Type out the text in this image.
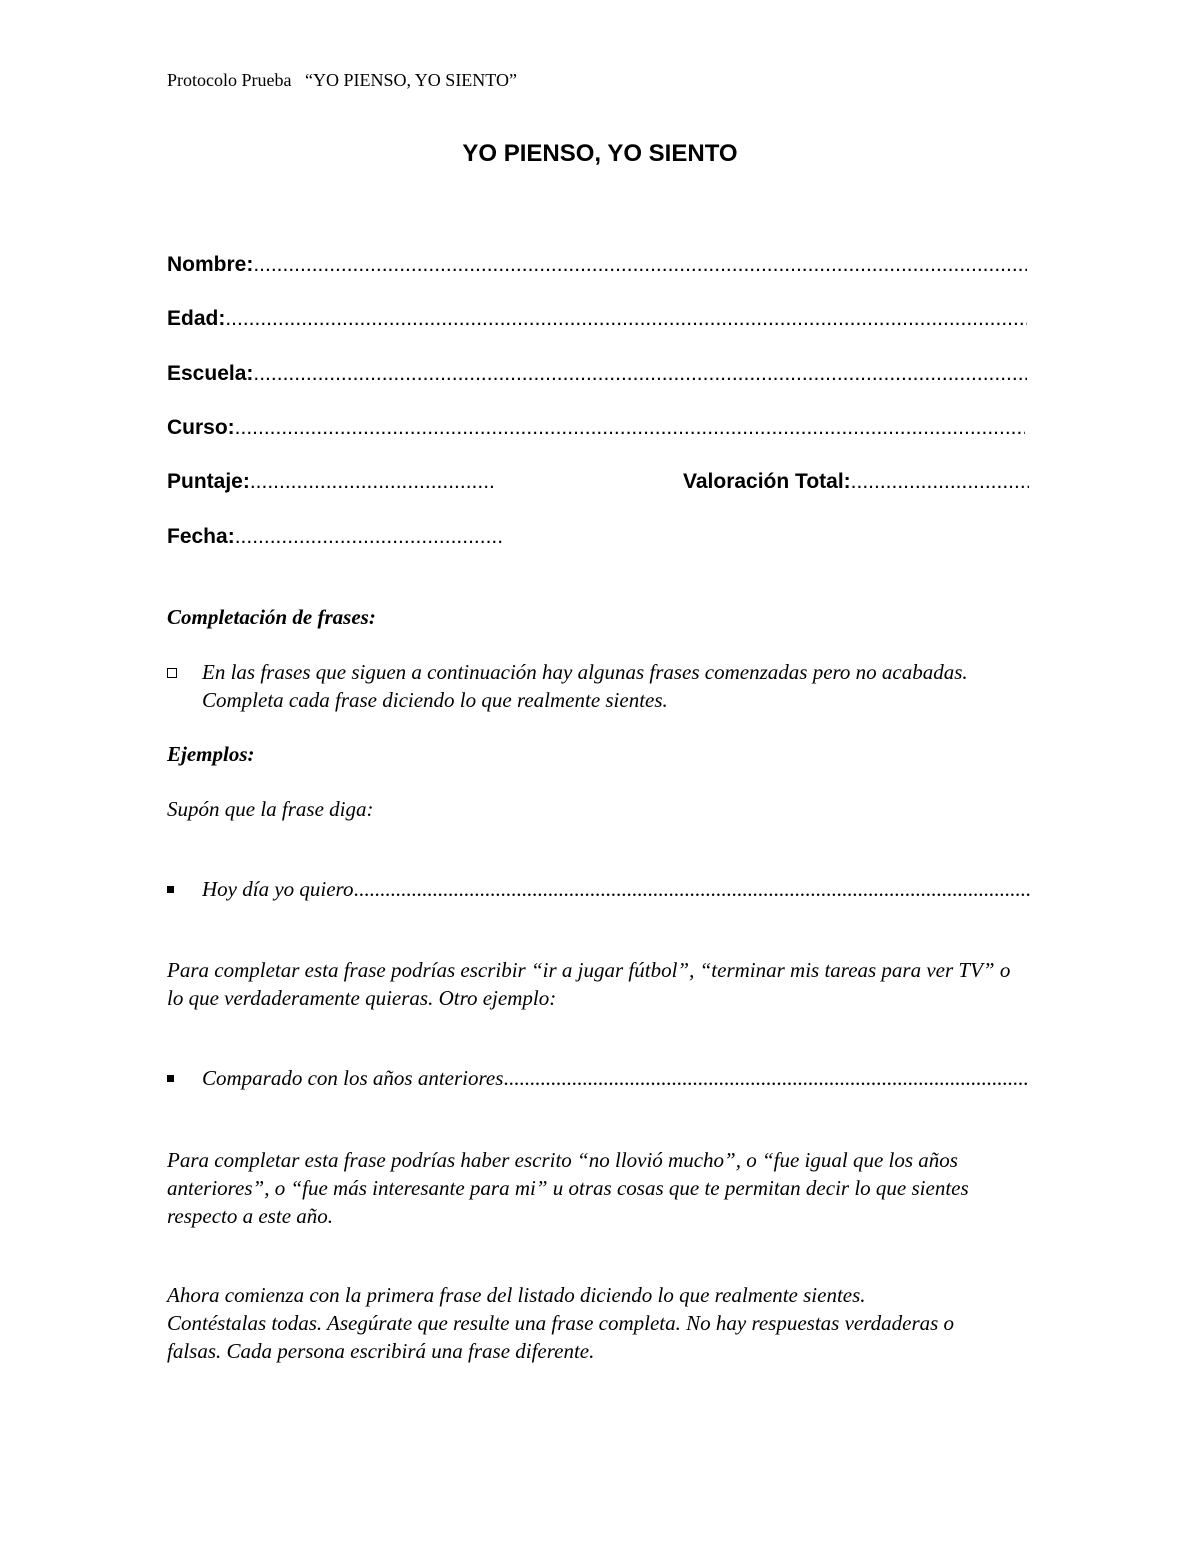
Protocolo Prueba   “YO PIENSO, YO SIENTO”
YO PIENSO, YO SIENTO
Nombre:
.....
Edad:
.....
Escuela:
.....
Curso:
.....
Puntaje:
.....	Valoración Total:
.....
Fecha:
.....
Completación de frases:
En las frases que siguen a continuación hay algunas frases comenzadas pero no acabadas. Completa cada frase diciendo lo que realmente sientes.
Ejemplos:
Supón que la frase diga:
Hoy día yo quiero
.....
Para completar esta frase podrías escribir “ir a jugar fútbol”, “terminar mis tareas para ver TV” o lo que verdaderamente quieras. Otro ejemplo:
Comparado con los años anteriores
.....
Para completar esta frase podrías haber escrito “no llovió mucho”, o “fue igual que los años anteriores”, o “fue más interesante para mi” u otras cosas que te permitan decir lo que sientes respecto a este año.
Ahora comienza con la primera frase del listado diciendo lo que realmente sientes. Contéstalas todas. Asegúrate que resulte una frase completa. No hay respuestas verdaderas o falsas. Cada persona escribirá una frase diferente.
